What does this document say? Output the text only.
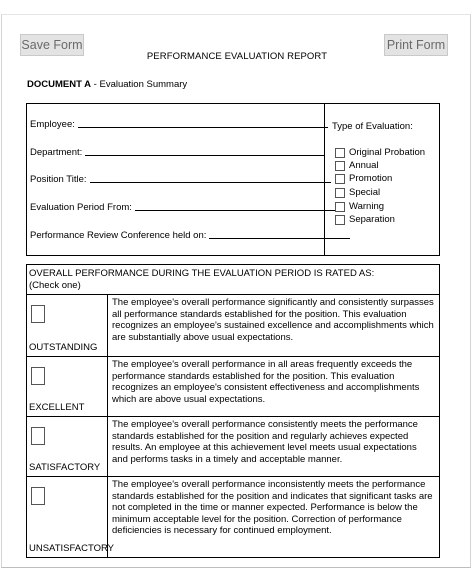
Save Form	Print Form
PERFORMANCE EVALUATION REPORT
DOCUMENT A - Evaluation Summary
Employee:
Department:
Position Title:
Evaluation Period From:
Performance Review Conference held on:
Type of Evaluation:
Original Probation
Annual
Promotion
Special
Warning
Separation
OVERALL PERFORMANCE DURING THE EVALUATION PERIOD IS RATED AS:
(Check one)
OUTSTANDING
The employee's overall performance significantly and consistently surpasses all performance standards established for the position. This evaluation recognizes an employee's sustained excellence and accomplishments which are substantially above usual expectations.
EXCELLENT
The employee's overall performance in all areas frequently exceeds the performance standards established for the position. This evaluation recognizes an employee's consistent effectiveness and accomplishments which are above usual expectations.
SATISFACTORY
The employee's overall performance consistently meets the performance standards established for the position and regularly achieves expected results. An employee at this achievement level meets usual expectations and performs tasks in a timely and acceptable manner.
UNSATISFACTORY
The employee's overall performance inconsistently meets the performance standards established for the position and indicates that significant tasks are not completed in the time or manner expected. Performance is below the minimum acceptable level for the position. Correction of performance deficiencies is necessary for continued employment.
